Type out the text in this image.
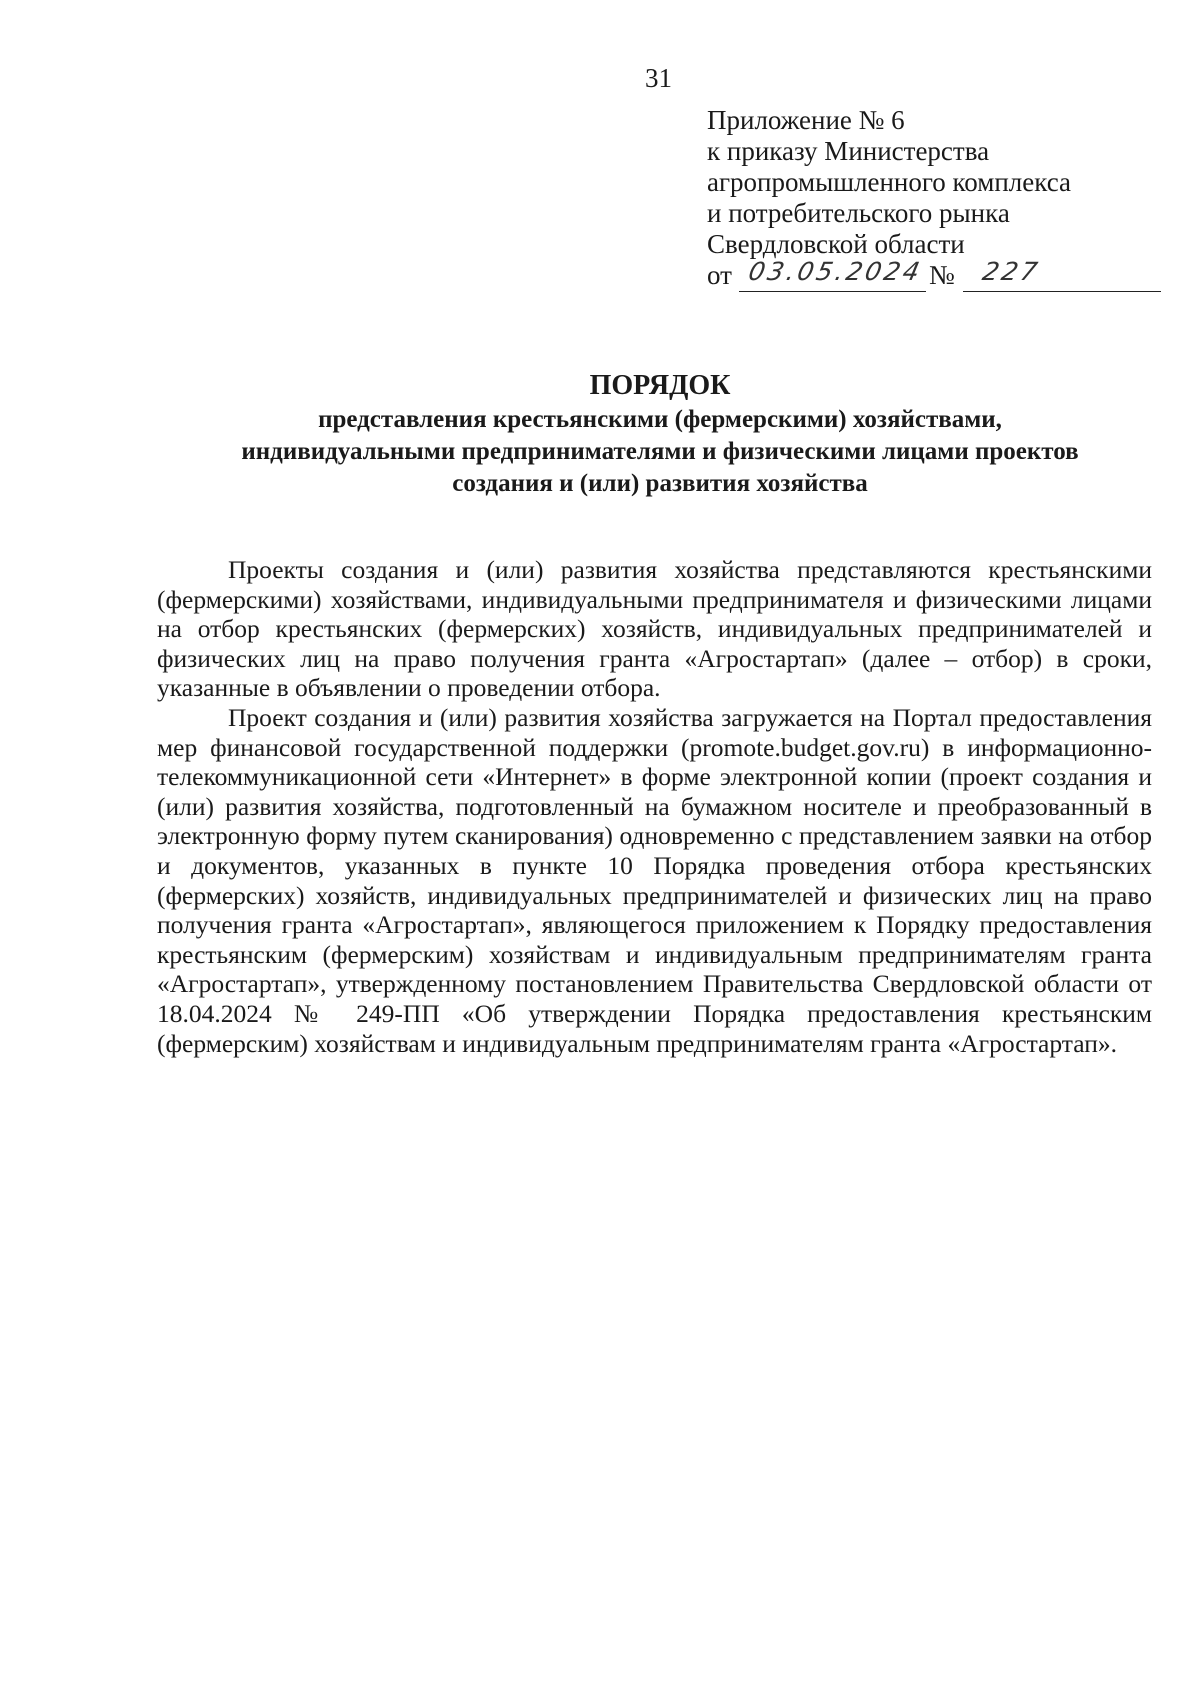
31
Приложение № 6
к приказу Министерства
агропромышленного комплекса
и потребительского рынка
Свердловской области
от 03.05.2024 № 227
ПОРЯДОК
представления крестьянскими (фермерскими) хозяйствами,
индивидуальными предпринимателями и физическими лицами проектов
создания и (или) развития хозяйства

Проекты создания и (или) развития хозяйства представляются крестьянскими (фермерскими) хозяйствами, индивидуальными предпринимателя и физическими лицами на отбор крестьянских (фермерских) хозяйств, индивидуальных предпринимателей и физических лиц на право получения гранта «Агростартап» (далее – отбор) в сроки, указанные в объявлении о проведении отбора.

Проект создания и (или) развития хозяйства загружается на Портал предоставления мер финансовой государственной поддержки (promote.budget.gov.ru) в информационно-телекоммуникационной сети «Интернет» в форме электронной копии (проект создания и (или) развития хозяйства, подготовленный на бумажном носителе и преобразованный в электронную форму путем сканирования) одновременно с представлением заявки на отбор и документов, указанных в пункте 10 Порядка проведения отбора крестьянских (фермерских) хозяйств, индивидуальных предпринимателей и физических лиц на право получения гранта «Агростартап», являющегося приложением к Порядку предоставления крестьянским (фермерским) хозяйствам и индивидуальным предпринимателям гранта «Агростартап», утвержденному постановлением Правительства Свердловской области от 18.04.2024 № 249-ПП «Об утверждении Порядка предоставления крестьянским (фермерским) хозяйствам и индивидуальным предпринимателям гранта «Агростартап».
